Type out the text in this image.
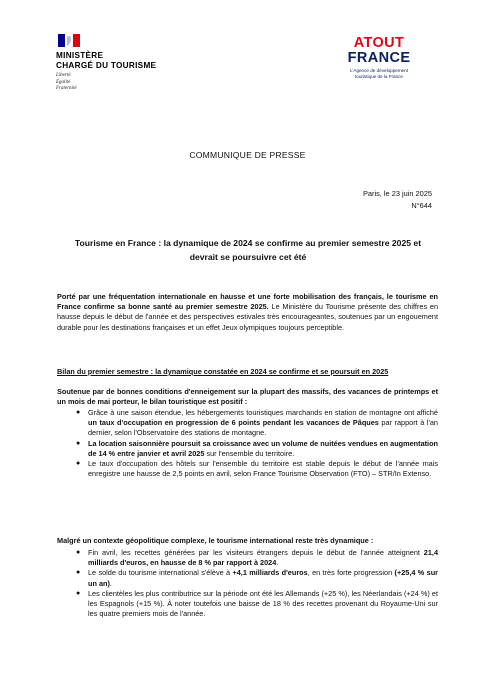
MINISTÈRE
CHARGÉ DU TOURISME
Liberté
Égalité
Fraternité
ATOUT
FRANCE
L'Agence de développement
touristique de la France
COMMUNIQUE DE PRESSE
Paris, le 23 juin 2025
N°644
Tourisme en France : la dynamique de 2024 se confirme au premier semestre 2025 et devrait se poursuivre cet été
Porté par une fréquentation internationale en hausse et une forte mobilisation des français, le tourisme en France confirme sa bonne santé au premier semestre 2025. Le Ministère du Tourisme présente des chiffres en hausse depuis le début de l'année et des perspectives estivales très encourageantes, soutenues par un engouement durable pour les destinations françaises et un effet Jeux olympiques toujours perceptible.
Bilan du premier semestre : la dynamique constatée en 2024 se confirme et se poursuit en 2025
Soutenue par de bonnes conditions d'enneigement sur la plupart des massifs, des vacances de printemps et un mois de mai porteur, le bilan touristique est positif :
● Grâce à une saison étendue, les hébergements touristiques marchands en station de montagne ont affiché un taux d'occupation en progression de 6 points pendant les vacances de Pâques par rapport à l'an dernier, selon l'Observatoire des stations de montagne.
● La location saisonnière poursuit sa croissance avec un volume de nuitées vendues en augmentation de 14 % entre janvier et avril 2025 sur l'ensemble du territoire.
● Le taux d'occupation des hôtels sur l'ensemble du territoire est stable depuis le début de l'année mais enregistre une hausse de 2,5 points en avril, selon France Tourisme Observation (FTO) – STR/In Extenso.
Malgré un contexte géopolitique complexe, le tourisme international reste très dynamique :
● Fin avril, les recettes générées par les visiteurs étrangers depuis le début de l'année atteignent 21,4 milliards d'euros, en hausse de 8 % par rapport à 2024.
● Le solde du tourisme international s'élève à +4,1 milliards d'euros, en très forte progression (+25,4 % sur un an).
● Les clientèles les plus contributrice sur la période ont été les Allemands (+25 %), les Néerlandais (+24 %) et les Espagnols (+15 %). À noter toutefois une baisse de 18 % des recettes provenant du Royaume-Uni sur les quatre premiers mois de l'année.
